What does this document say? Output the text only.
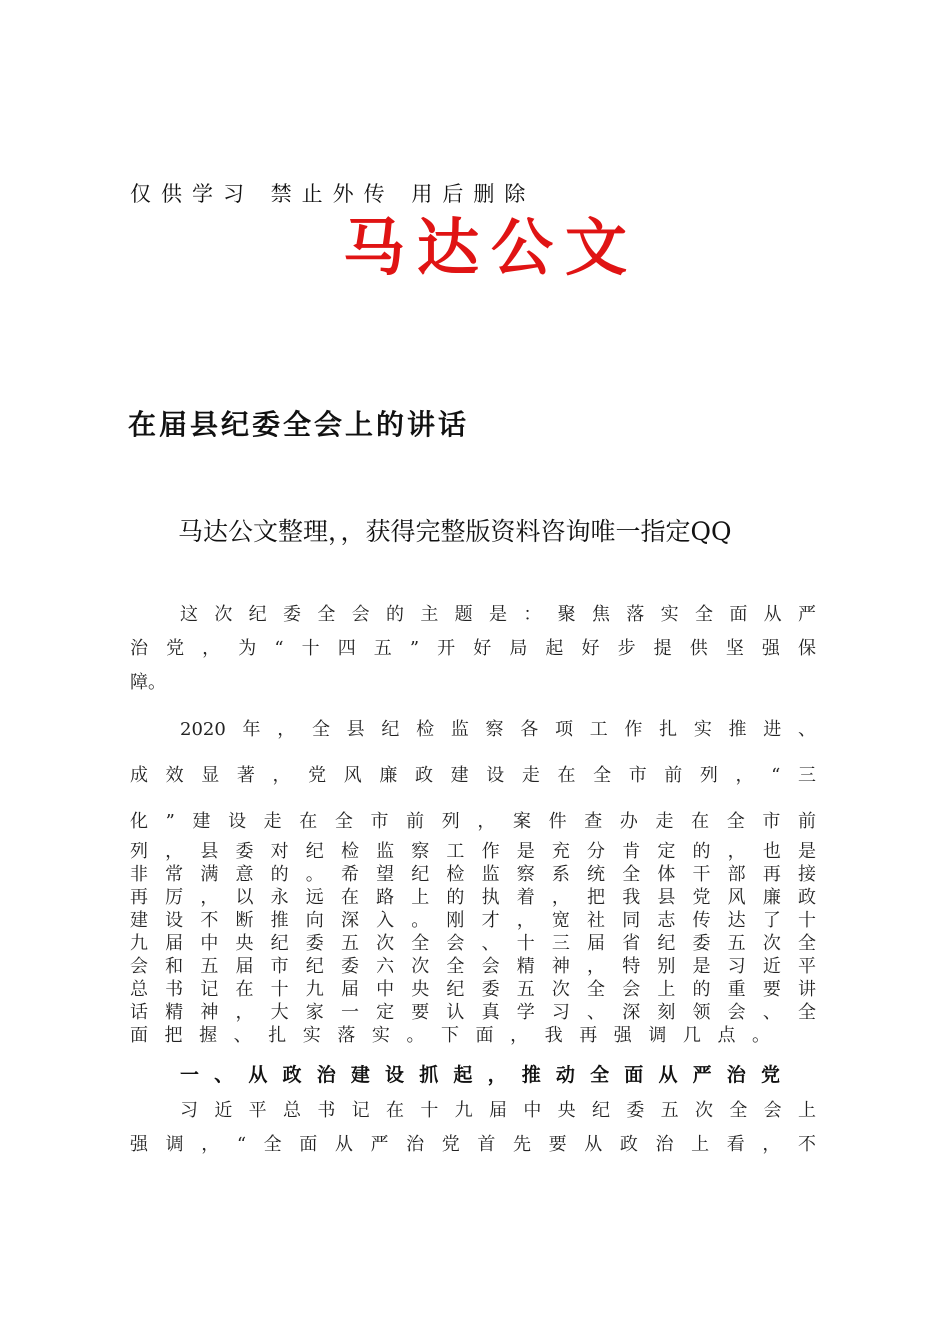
仅供学习 禁止外传 用后删除
马达公文
在届县纪委全会上的讲话
马达公文整理，，获得完整版资料咨询唯一指定QQ
这次纪委全会的主题是：聚焦落实全面从严
治党，为“十四五”开好局起好步提供坚强保
障。
2020年，全县纪检监察各项工作扎实推进、
成效显著，党风廉政建设走在全市前列，“三
化”建设走在全市前列，案件查办走在全市前
列，县委对纪检监察工作是充分肯定的，也是
非常满意的。希望纪检监察系统全体干部再接
再厉，以永远在路上的执着，把我县党风廉政
建设不断推向深入。刚才，宽社同志传达了十
九届中央纪委五次全会、十三届省纪委五次全
会和五届市纪委六次全会精神，特别是习近平
总书记在十九届中央纪委五次全会上的重要讲
话精神，大家一定要认真学习、深刻领会、全
面把握、扎实落实。下面，我再强调几点。
一、从政治建设抓起，推动全面从严治党
习近平总书记在十九届中央纪委五次全会上
强调，“全面从严治党首先要从政治上看，不
